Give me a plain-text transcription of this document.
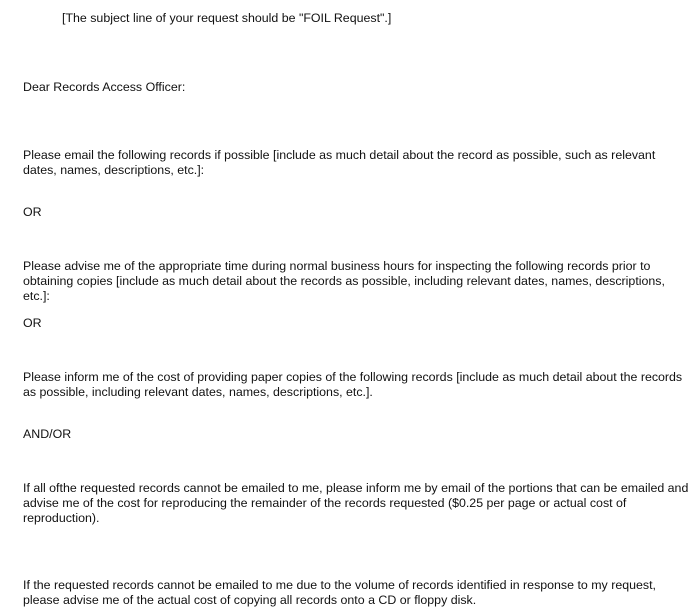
[The subject line of your request should be "FOIL Request".]

Dear Records Access Officer:

Please email the following records if possible [include as much detail about the record as possible, such as relevant dates, names, descriptions, etc.]:

OR

Please advise me of the appropriate time during normal business hours for inspecting the following records prior to obtaining copies [include as much detail about the records as possible, including relevant dates, names, descriptions, etc.]:

OR

Please inform me of the cost of providing paper copies of the following records [include as much detail about the records as possible, including relevant dates, names, descriptions, etc.].

AND/OR

If all ofthe requested records cannot be emailed to me, please inform me by email of the portions that can be emailed and advise me of the cost for reproducing the remainder of the records requested ($0.25 per page or actual cost of reproduction).

If the requested records cannot be emailed to me due to the volume of records identified in response to my request, please advise me of the actual cost of copying all records onto a CD or floppy disk.
